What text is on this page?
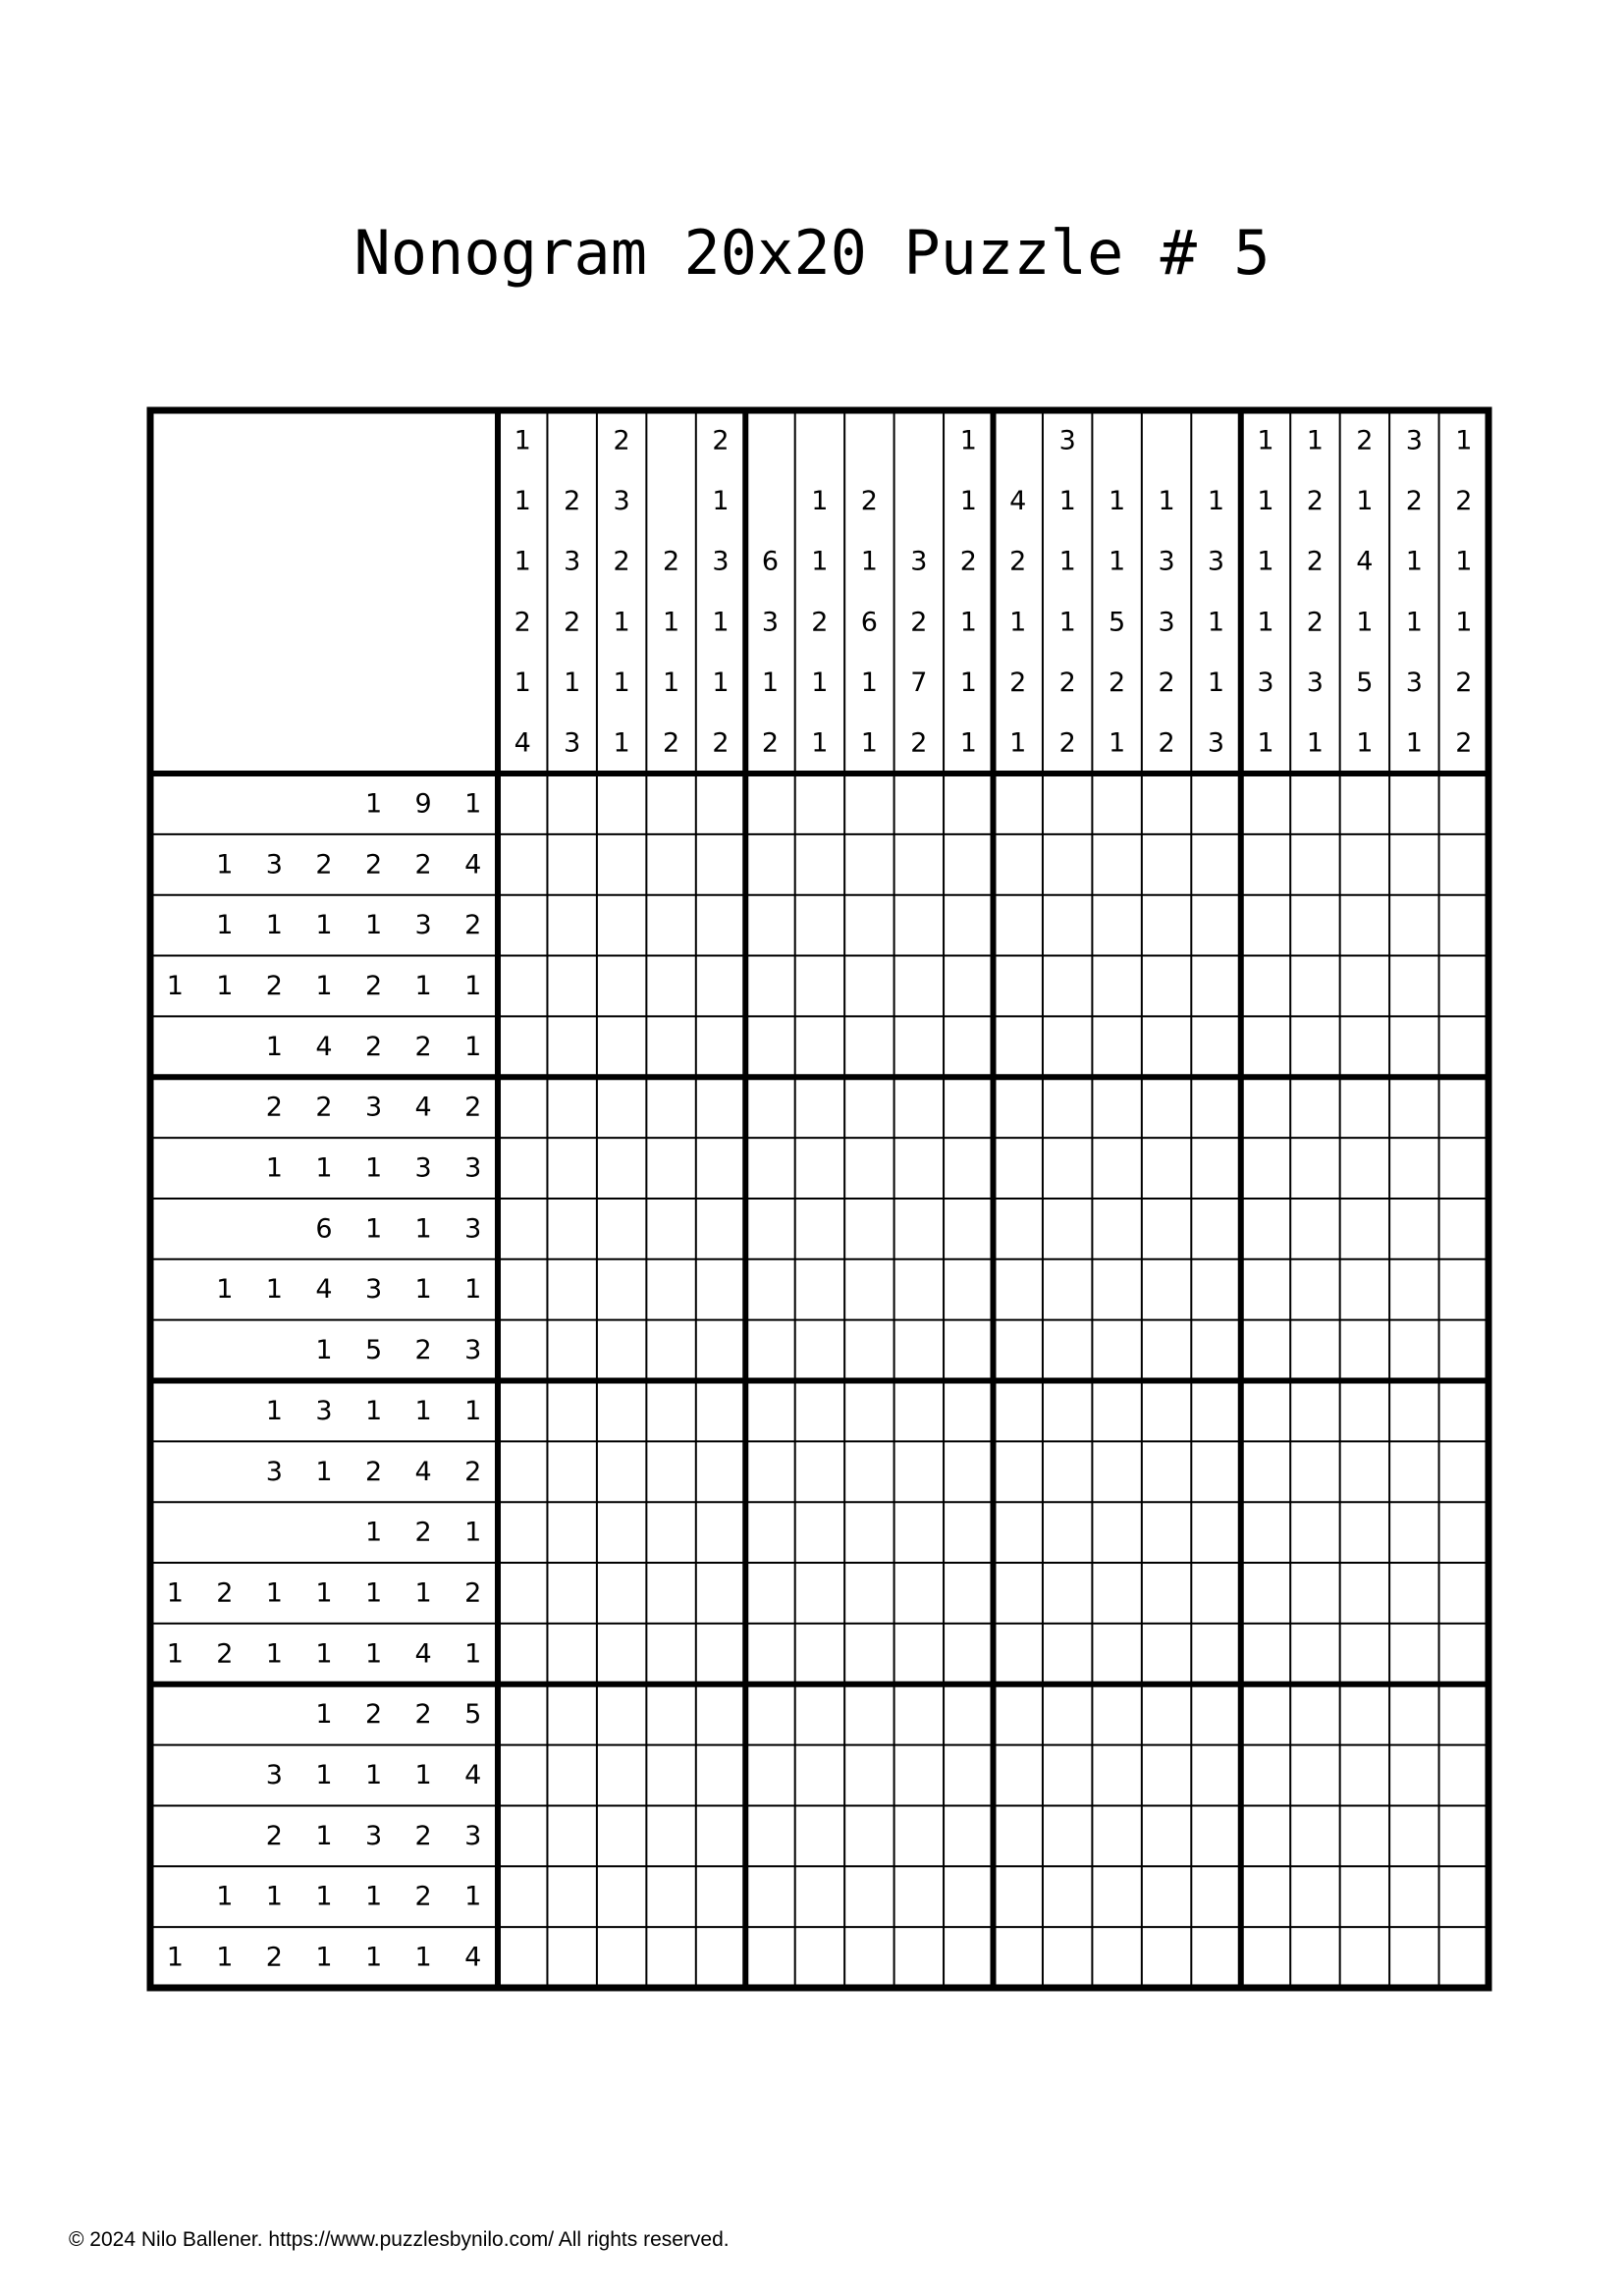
Nonogram 20x20 Puzzle # 5
1
1
1
2
1
4
2
3
2
1
3
2
3
2
1
1
1
2
1
1
2
2
1
3
1
1
2
6
3
1
2
1
1
2
1
1
2
1
6
1
1
3
2
7
2
1
1
2
1
1
1
4
2
1
2
1
3
1
1
1
2
2
1
1
5
2
1
1
3
3
2
2
1
3
1
1
3
1
1
1
1
3
1
1
2
2
2
3
1
2
1
4
1
5
1
3
2
1
1
3
1
1
2
1
1
2
2
1 9 1
1 3 2 2 2 4
1 1 1 1 3 2
1 1 2 1 2 1 1
1 4 2 2 1
2 2 3 4 2
1 1 1 3 3
6 1 1 3
1 1 4 3 1 1
1 5 2 3
1 3 1 1 1
3 1 2 4 2
1 2 1
1 2 1 1 1 1 2
1 2 1 1 1 4 1
1 2 2 5
3 1 1 1 4
2 1 3 2 3
1 1 1 1 2 1
1 1 2 1 1 1 4
© 2024 Nilo Ballener. https://www.puzzlesbynilo.com/ All rights reserved.
